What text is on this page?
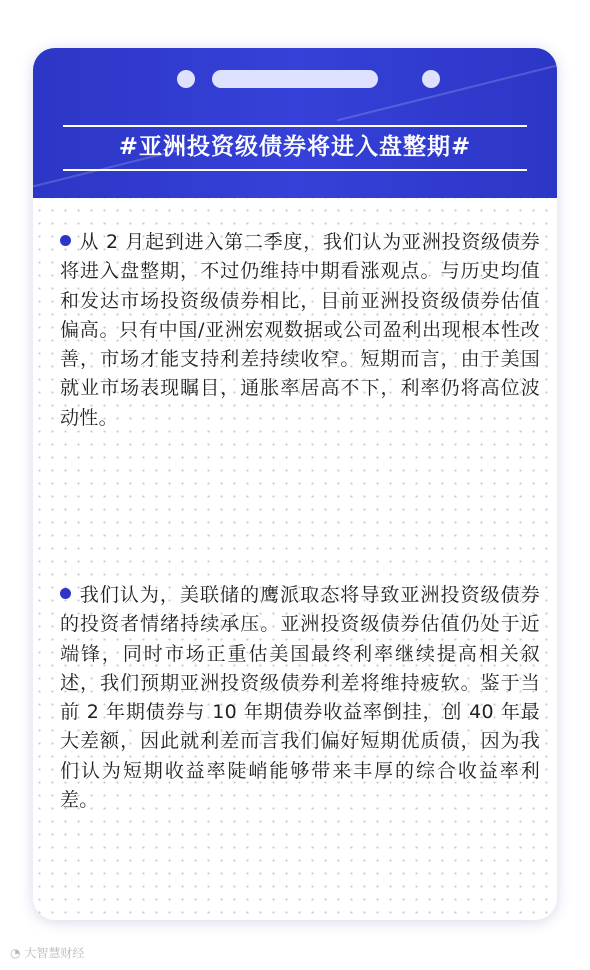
#亚洲投资级债券将进入盘整期#
从 2 月起到进入第二季度，我们认为亚洲投资级债券将进入盘整期，不过仍维持中期看涨观点。与历史均值和发达市场投资级债券相比，目前亚洲投资级债券估值偏高。只有中国/亚洲宏观数据或公司盈利出现根本性改善，市场才能支持利差持续收窄。短期而言，由于美国就业市场表现瞩目，通胀率居高不下，利率仍将高位波动性。
我们认为，美联储的鹰派取态将导致亚洲投资级债券的投资者情绪持续承压。亚洲投资级债券估值仍处于近端锋，同时市场正重估美国最终利率继续提高相关叙述，我们预期亚洲投资级债券利差将维持疲软。鉴于当前 2 年期债券与 10 年期债券收益率倒挂，创 40 年最大差额，因此就利差而言我们偏好短期优质债，因为我们认为短期收益率陡峭能够带来丰厚的综合收益率利差。
◔ 大智慧财经
